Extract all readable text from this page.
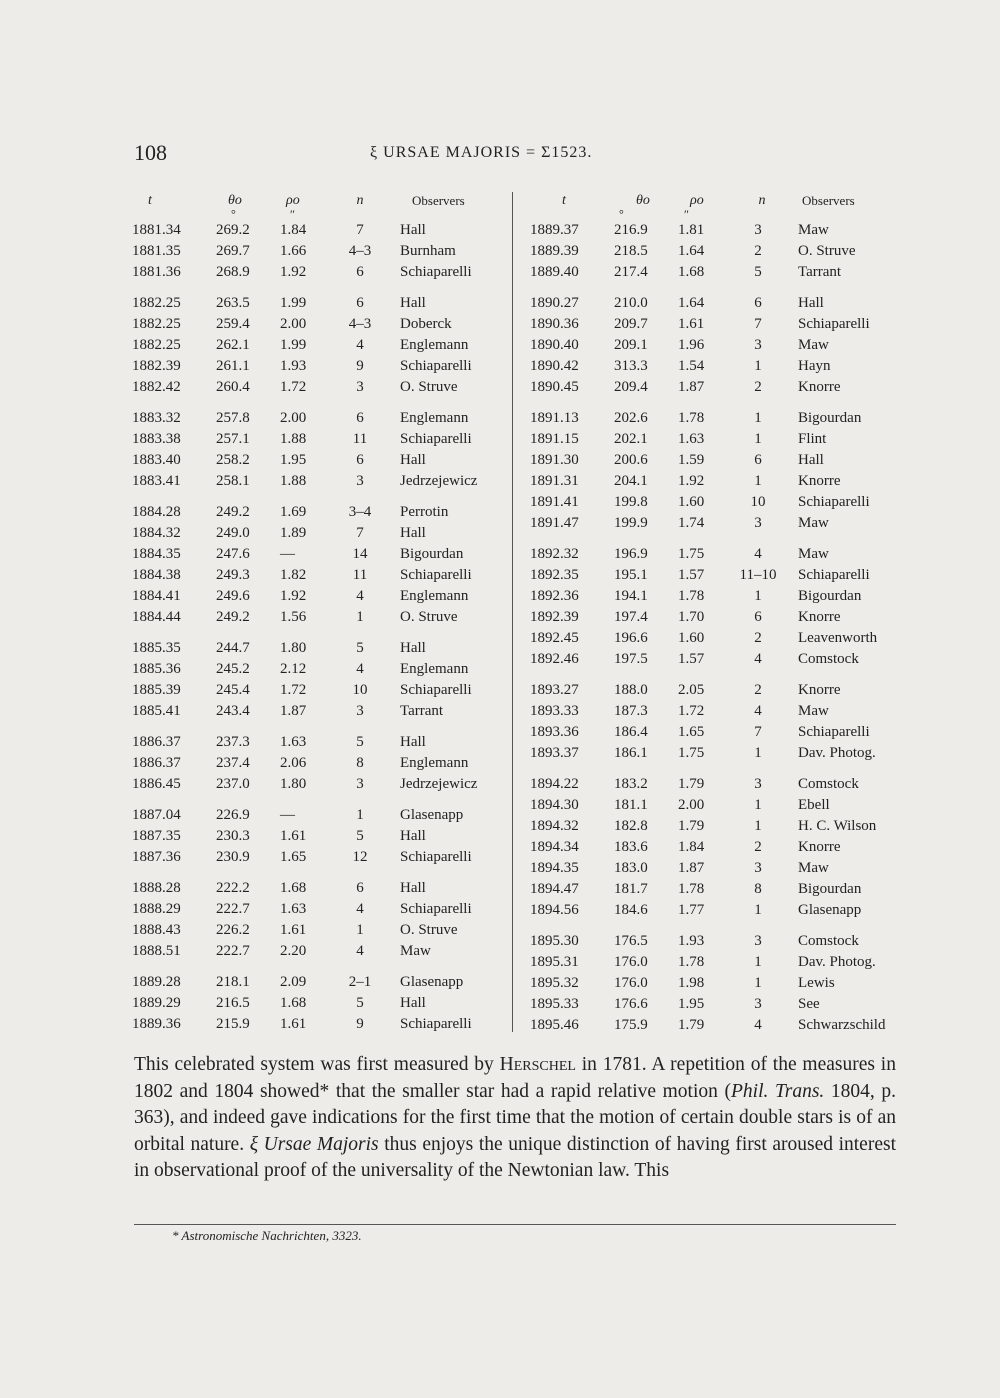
108	ξ URSAE MAJORIS = Σ1523.
t	θo	ρo	n	Observers
°	″
1881.34 269.2 1.84	7	Hall
1881.35 269.7 1.66	4–3	Burnham
1881.36 268.9 1.92	6	Schiaparelli
1882.25 263.5 1.99	6	Hall
1882.25 259.4 2.00	4–3	Doberck
1882.25 262.1 1.99	4	Englemann
1882.39 261.1 1.93	9	Schiaparelli
1882.42 260.4 1.72	3	O. Struve
1883.32 257.8 2.00	6	Englemann
1883.38 257.1 1.88	11	Schiaparelli
1883.40 258.2 1.95	6	Hall
1883.41 258.1 1.88	3	Jedrzejewicz
1884.28 249.2 1.69	3–4	Perrotin
1884.32 249.0 1.89	7	Hall
1884.35 247.6 —	14	Bigourdan
1884.38 249.3 1.82	11	Schiaparelli
1884.41 249.6 1.92	4	Englemann
1884.44 249.2 1.56	1	O. Struve
1885.35 244.7 1.80	5	Hall
1885.36 245.2 2.12	4	Englemann
1885.39 245.4 1.72	10	Schiaparelli
1885.41 243.4 1.87	3	Tarrant
1886.37 237.3 1.63	5	Hall
1886.37 237.4 2.06	8	Englemann
1886.45 237.0 1.80	3	Jedrzejewicz
1887.04 226.9 —	1	Glasenapp
1887.35 230.3 1.61	5	Hall
1887.36 230.9 1.65	12	Schiaparelli
1888.28 222.2 1.68	6	Hall
1888.29 222.7 1.63	4	Schiaparelli
1888.43 226.2 1.61	1	O. Struve
1888.51 222.7 2.20	4	Maw
1889.28 218.1 2.09	2–1	Glasenapp
1889.29 216.5 1.68	5	Hall
1889.36 215.9 1.61	9	Schiaparelli
t	θo	ρo	n	Observers
°	″
1889.37 216.9 1.81	3	Maw
1889.39 218.5 1.64	2	O. Struve
1889.40 217.4 1.68	5	Tarrant
1890.27 210.0 1.64	6	Hall
1890.36 209.7 1.61	7	Schiaparelli
1890.40 209.1 1.96	3	Maw
1890.42 313.3 1.54	1	Hayn
1890.45 209.4 1.87	2	Knorre
1891.13 202.6 1.78	1	Bigourdan
1891.15 202.1 1.63	1	Flint
1891.30 200.6 1.59	6	Hall
1891.31 204.1 1.92	1	Knorre
1891.41 199.8 1.60	10	Schiaparelli
1891.47 199.9 1.74	3	Maw
1892.32 196.9 1.75	4	Maw
1892.35 195.1 1.57 11–10 Schiaparelli
1892.36 194.1 1.78	1	Bigourdan
1892.39 197.4 1.70	6	Knorre
1892.45 196.6 1.60	2	Leavenworth
1892.46 197.5 1.57	4	Comstock
1893.27 188.0 2.05	2	Knorre
1893.33 187.3 1.72	4	Maw
1893.36 186.4 1.65	7	Schiaparelli
1893.37 186.1 1.75	1	Dav. Photog.
1894.22 183.2 1.79	3	Comstock
1894.30 181.1 2.00	1	Ebell
1894.32 182.8 1.79	1	H. C. Wilson
1894.34 183.6 1.84	2	Knorre
1894.35 183.0 1.87	3	Maw
1894.47 181.7 1.78	8	Bigourdan
1894.56 184.6 1.77	1	Glasenapp
1895.30 176.5 1.93	3	Comstock
1895.31 176.0 1.78	1	Dav. Photog.
1895.32 176.0 1.98	1	Lewis
1895.33 176.6 1.95	3	See
1895.46 175.9 1.79	4	Schwarzschild
This celebrated system was first measured by Herschel in 1781. A repetition of the measures in 1802 and 1804 showed* that the smaller star had a rapid relative motion (Phil. Trans. 1804, p. 363), and indeed gave indications for the first time that the motion of certain double stars is of an orbital nature. ξ Ursae Majoris thus enjoys the unique distinction of having first aroused interest in observational proof of the universality of the Newtonian law. This
* Astronomische Nachrichten, 3323.
